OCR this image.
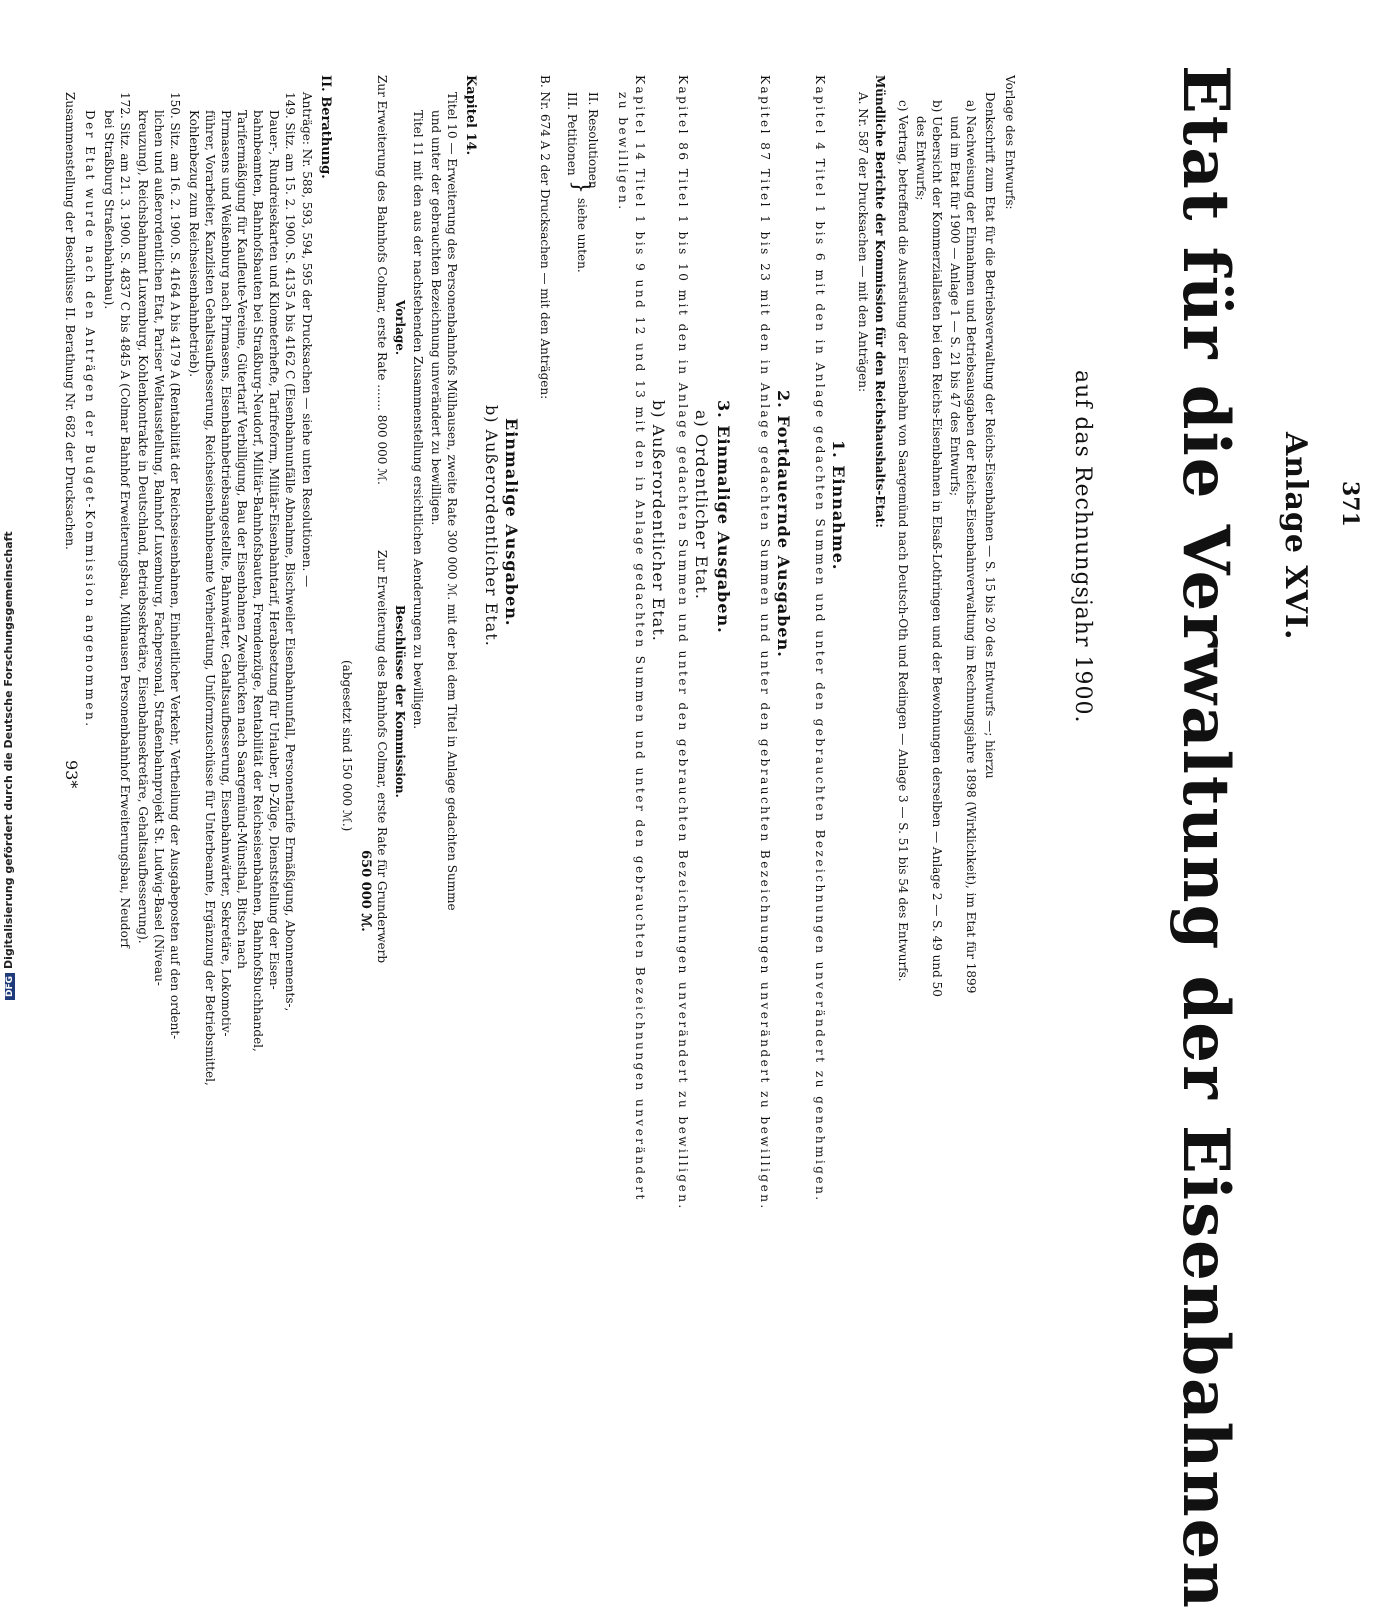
371
Anlage XVI.
Etat für die Verwaltung der Eisenbahnen
auf das Rechnungsjahr 1900.
Vorlage des Entwurfs:
Denkschrift zum Etat für die Betriebsverwaltung der Reichs-Eisenbahnen — S. 15 bis 20 des Entwurfs —; hierzu
a) Nachweisung der Einnahmen und Betriebsausgaben der Reichs-Eisenbahnverwaltung im Rechnungsjahre 1898 (Wirklichkeit), im Etat für 1899
und im Etat für 1900 — Anlage 1 — S. 21 bis 47 des Entwurfs;
b) Uebersicht der Kommerziallasten bei den Reichs-Eisenbahnen in Elsaß-Lothringen und der Bewohnungen derselben — Anlage 2 — S. 49 und 50
des Entwurfs;
c) Vertrag, betreffend die Ausrüstung der Eisenbahn von Saargemünd nach Deutsch-Oth und Redingen — Anlage 3 — S. 51 bis 54 des Entwurfs.
Mündliche Berichte der Kommission für den Reichshaushalts-Etat:
A. Nr. 587 der Drucksachen — mit den Anträgen:
1. Einnahme.
Kapitel 4 Titel 1 bis 6 mit den in Anlage gedachten Summen und unter den gebrauchten Bezeichnungen unverändert zu genehmigen.
2. Fortdauernde Ausgaben.
Kapitel 87 Titel 1 bis 23 mit den in Anlage gedachten Summen und unter den gebrauchten Bezeichnungen unverändert zu bewilligen.
3. Einmalige Ausgaben.
a) Ordentlicher Etat.
Kapitel 86 Titel 1 bis 10 mit den in Anlage gedachten Summen und unter den gebrauchten Bezeichnungen unverändert zu bewilligen.
b) Außerordentlicher Etat.
Kapitel 14 Titel 1 bis 9 und 12 und 13 mit den in Anlage gedachten Summen und unter den gebrauchten Bezeichnungen unverändert
zu bewilligen.
II. Resolutionen
III. Petitionen
}
siehe unten.
B. Nr. 674 A 2 der Drucksachen — mit den Anträgen:
Einmalige Ausgaben.
b) Außerordentlicher Etat.
Kapitel 14.
Titel 10 — Erweiterung des Personenbahnhofs Mülhausen, zweite Rate 300 000 ℳ. mit der bei dem Titel in Anlage gedachten Summe
und unter der gebrauchten Bezeichnung unverändert zu bewilligen.
Titel 11 mit den aus der nachstehenden Zusammenstellung ersichtlichen Aenderungen zu bewilligen.
Vorlage.
Beschlüsse der Kommission.
Zur Erweiterung des Bahnhofs Colmar, erste Rate ....... 800 000 ℳ.
Zur Erweiterung des Bahnhofs Colmar, erste Rate für Grunderwerb
650 000 ℳ.
(abgesetzt sind 150 000 ℳ.)
II. Berathung.
Anträge: Nr. 588, 593, 594, 595 der Drucksachen — siehe unten Resolutionen. —
149. Sitz. am 15. 2. 1900. S. 4135 A bis 4162 C (Eisenbahnunfälle Abnahme, Bischweiler Eisenbahnunfall, Personentarife Ermäßigung, Abonnements-,
Dauer-, Rundreisekarten und Kilometerhefte, Tarifreform, Militär-Eisenbahntarif, Herabsetzung für Urlauber, D-Züge, Dienststellung der Eisen-
bahnbeamten, Bahnhofsbauten bei Straßburg-Neudorf, Militär-Bahnhofsbauten, Fremdenzüge, Rentabilität der Reichseisenbahnen, Bahnhofsbuchhandel,
Tarifermäßigung für Kaufleute-Vereine, Gütertarif Verbilligung, Bau der Eisenbahnen Zweibrücken nach Saargemünd-Münsthal, Bitsch nach
Pirmasens und Weißenburg nach Pirmasens, Eisenbahnbetriebsangestellte, Bahnwärter, Gehaltsaufbesserung, Eisenbahnwärter, Sekretäre, Lokomotiv-
führer, Vorarbeiter, Kanzlisten Gehaltsaufbesserung, Reichseisenbahnbeamte Verheiratung, Uniformzuschüsse für Unterbeamte, Ergänzung der Betriebsmittel,
Kohlenbezug zum Reichseisenbahnbetrieb).
150. Sitz. am 16. 2. 1900. S. 4164 A bis 4179 A (Rentabilität der Reichseisenbahnen, Einheitlicher Verkehr, Vertheilung der Ausgabeposten auf den ordent-
lichen und außerordentlichen Etat, Pariser Weltausstellung, Bahnhof Luxemburg, Fachpersonal, Straßenbahnprojekt St. Ludwig-Basel (Niveau-
kreuzung), Reichsbahnamt Luxemburg, Kohlenkontrakte in Deutschland, Betriebssekretäre, Eisenbahnsekretäre, Gehaltsaufbesserung).
172. Sitz. am 21. 3. 1900. S. 4837 C bis 4845 A (Colmar Bahnhof Erweiterungsbau, Mülhausen Personenbahnhof Erweiterungsbau, Neudorf
bei Straßburg Straßenbahnbau).
Der Etat wurde nach den Anträgen der Budget-Kommission angenommen.
Zusammenstellung der Beschlüsse II. Berathung Nr. 682 der Drucksachen.
93*
DFGDigitalisierung gefördert durch die Deutsche Forschungsgemeinschaft
